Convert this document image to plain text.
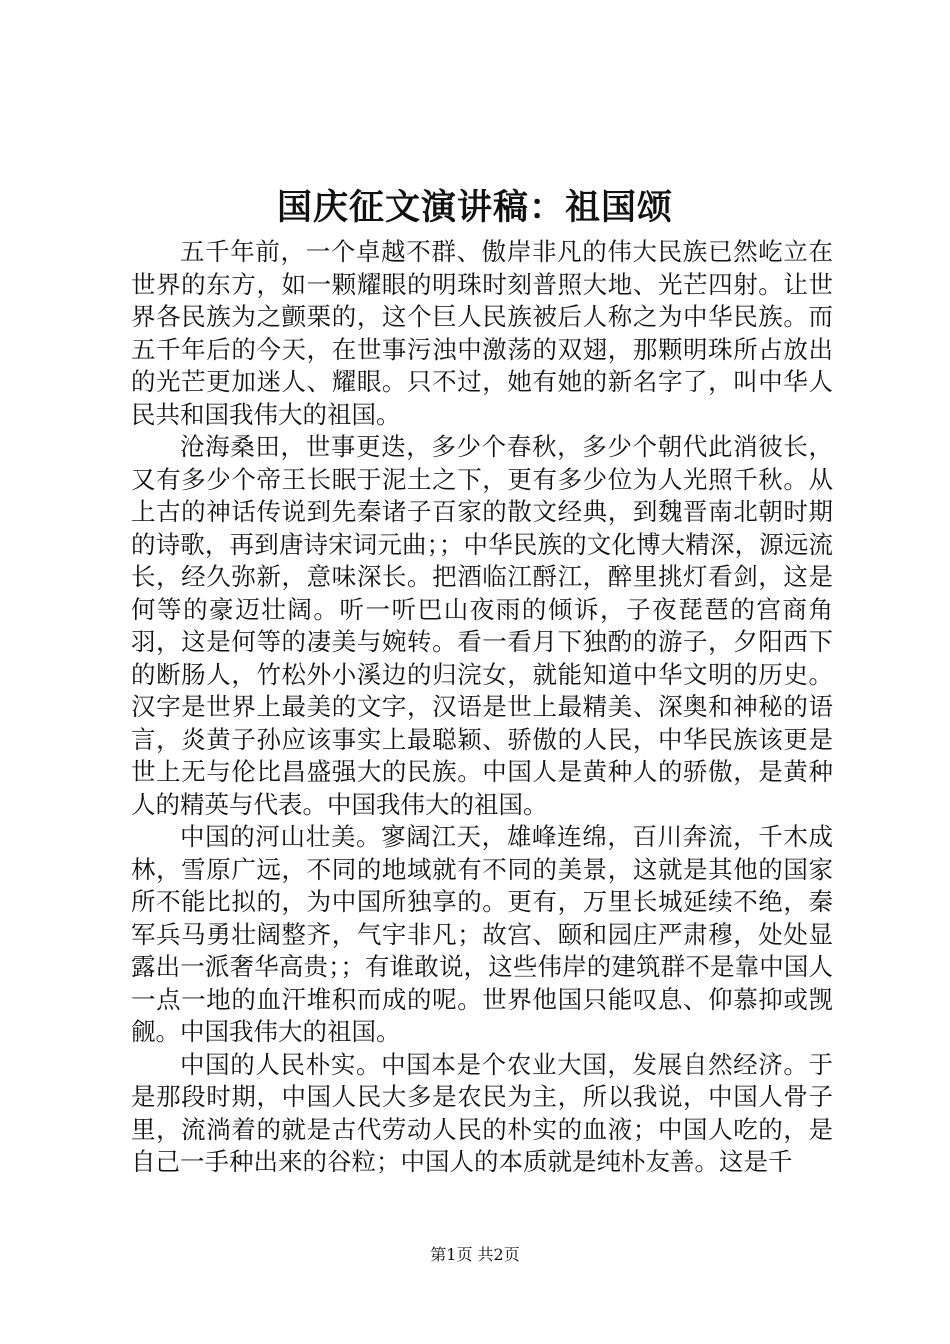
国庆征文演讲稿：祖国颂

五千年前，一个卓越不群、傲岸非凡的伟大民族已然屹立在世界的东方，如一颗耀眼的明珠时刻普照大地、光芒四射。让世界各民族为之颤栗的，这个巨人民族被后人称之为中华民族。而五千年后的今天，在世事污浊中激荡的双翅，那颗明珠所占放出的光芒更加迷人、耀眼。只不过，她有她的新名字了，叫中华人民共和国我伟大的祖国。

沧海桑田，世事更迭，多少个春秋，多少个朝代此消彼长，又有多少个帝王长眠于泥土之下，更有多少位为人光照千秋。从上古的神话传说到先秦诸子百家的散文经典，到魏晋南北朝时期的诗歌，再到唐诗宋词元曲；；中华民族的文化博大精深，源远流长，经久弥新，意味深长。把酒临江酹江，醉里挑灯看剑，这是何等的豪迈壮阔。听一听巴山夜雨的倾诉，子夜琵琶的宫商角羽，这是何等的凄美与婉转。看一看月下独酌的游子，夕阳西下的断肠人，竹松外小溪边的归浣女，就能知道中华文明的历史。汉字是世界上最美的文字，汉语是世上最精美、深奥和神秘的语言，炎黄子孙应该事实上最聪颖、骄傲的人民，中华民族该更是世上无与伦比昌盛强大的民族。中国人是黄种人的骄傲，是黄种人的精英与代表。中国我伟大的祖国。

中国的河山壮美。寥阔江天，雄峰连绵，百川奔流，千木成林，雪原广远，不同的地域就有不同的美景，这就是其他的国家所不能比拟的，为中国所独享的。更有，万里长城延续不绝，秦军兵马勇壮阔整齐，气宇非凡；故宫、颐和园庄严肃穆，处处显露出一派奢华高贵；；有谁敢说，这些伟岸的建筑群不是靠中国人一点一地的血汗堆积而成的呢。世界他国只能叹息、仰慕抑或觊觎。中国我伟大的祖国。

中国的人民朴实。中国本是个农业大国，发展自然经济。于是那段时期，中国人民大多是农民为主，所以我说，中国人骨子里，流淌着的就是古代劳动人民的朴实的血液；中国人吃的，是自己一手种出来的谷粒；中国人的本质就是纯朴友善。这是千

第1页 共2页
